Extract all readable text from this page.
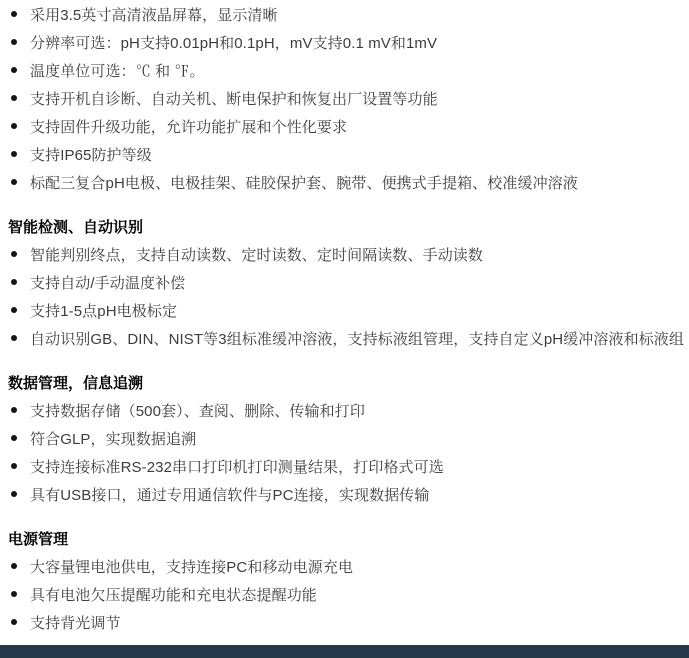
采用3.5英寸高清液晶屏幕，显示清晰
分辨率可选：pH支持0.01pH和0.1pH，mV支持0.1 mV和1mV
温度单位可选：℃ 和 ℉。
支持开机自诊断、自动关机、断电保护和恢复出厂设置等功能
支持固件升级功能，允许功能扩展和个性化要求
支持IP65防护等级
标配三复合pH电极、电极挂架、硅胶保护套、腕带、便携式手提箱、校准缓冲溶液
智能检测、自动识别
智能判别终点，支持自动读数、定时读数、定时间隔读数、手动读数
支持自动/手动温度补偿
支持1-5点pH电极标定
自动识别GB、DIN、NIST等3组标准缓冲溶液，支持标液组管理，支持自定义pH缓冲溶液和标液组
数据管理，信息追溯
支持数据存储（500套）、查阅、删除、传输和打印
符合GLP，实现数据追溯
支持连接标准RS-232串口打印机打印测量结果，打印格式可选
具有USB接口，通过专用通信软件与PC连接，实现数据传输
电源管理
大容量锂电池供电，支持连接PC和移动电源充电
具有电池欠压提醒功能和充电状态提醒功能
支持背光调节
